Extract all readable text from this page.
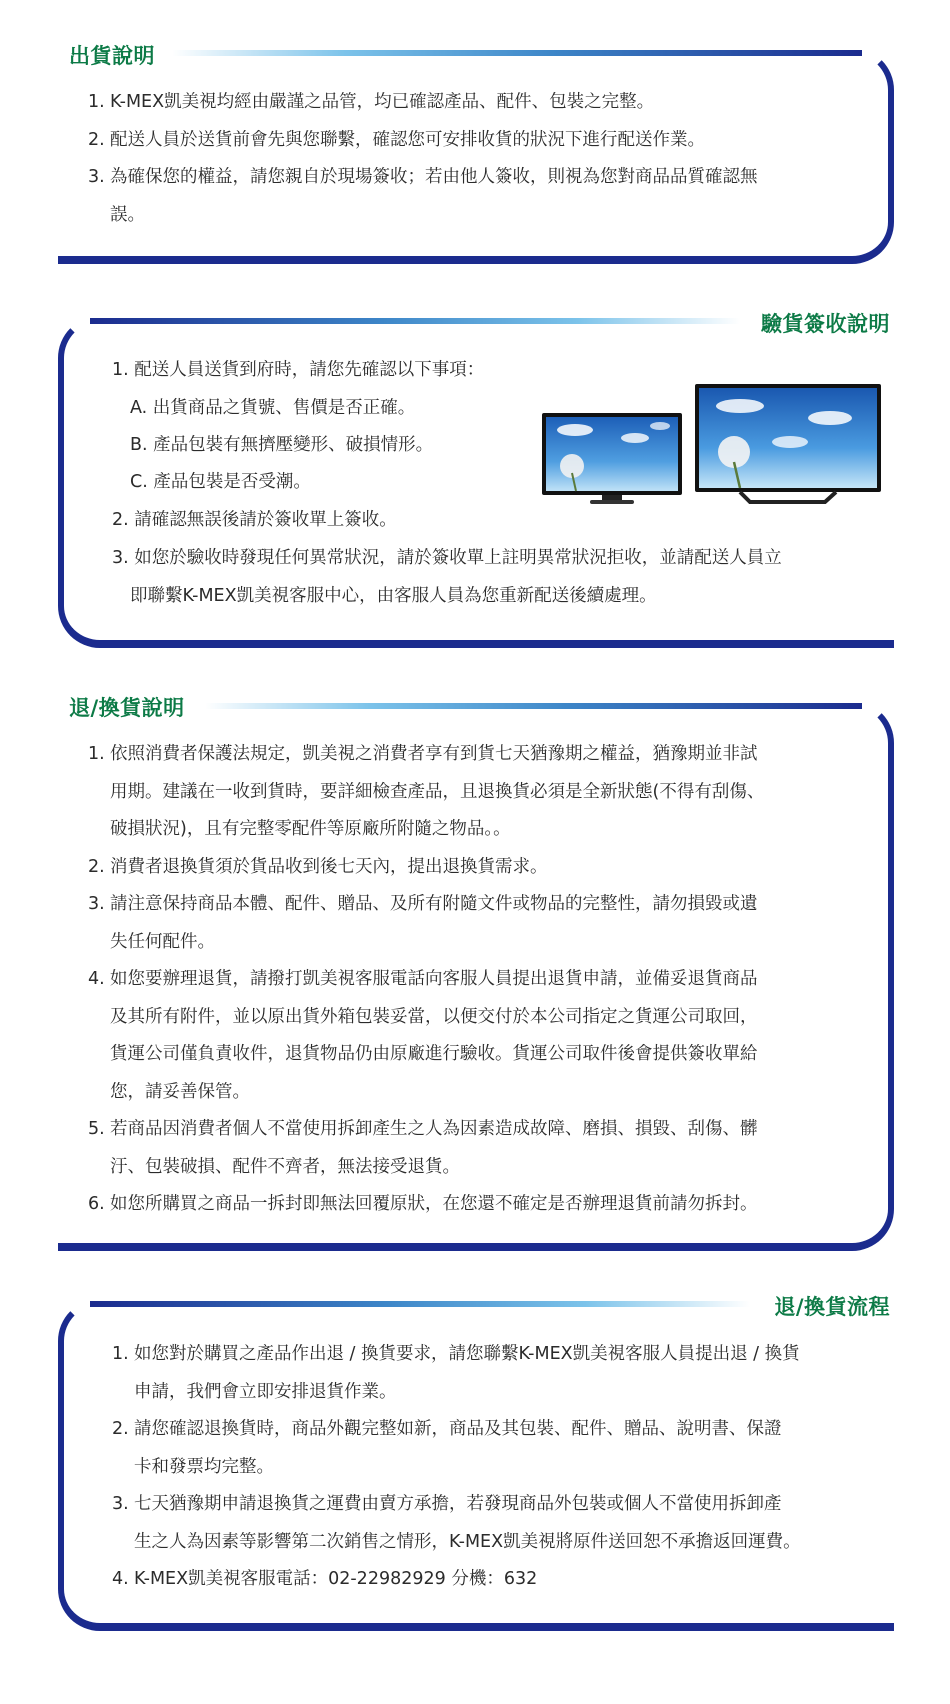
出貨說明
1. K-MEX凱美視均經由嚴謹之品管，均已確認產品、配件、包裝之完整。
2. 配送人員於送貨前會先與您聯繫，確認您可安排收貨的狀況下進行配送作業。
3. 為確保您的權益，請您親自於現場簽收；若由他人簽收，則視為您對商品品質確認無
誤。
驗貨簽收說明
1. 配送人員送貨到府時，請您先確認以下事項：
A. 出貨商品之貨號、售價是否正確。
B. 產品包裝有無擠壓變形、破損情形。
C. 產品包裝是否受潮。
2. 請確認無誤後請於簽收單上簽收。
3. 如您於驗收時發現任何異常狀況，請於簽收單上註明異常狀況拒收，並請配送人員立
即聯繫K-MEX凱美視客服中心，由客服人員為您重新配送後續處理。
退/換貨說明
1. 依照消費者保護法規定，凱美視之消費者享有到貨七天猶豫期之權益，猶豫期並非試
用期。建議在一收到貨時，要詳細檢查產品，且退換貨必須是全新狀態(不得有刮傷、
破損狀況)，且有完整零配件等原廠所附隨之物品。。
2. 消費者退換貨須於貨品收到後七天內，提出退換貨需求。
3. 請注意保持商品本體、配件、贈品、及所有附隨文件或物品的完整性，請勿損毀或遺
失任何配件。
4. 如您要辦理退貨，請撥打凱美視客服電話向客服人員提出退貨申請，並備妥退貨商品
及其所有附件，並以原出貨外箱包裝妥當，以便交付於本公司指定之貨運公司取回，
貨運公司僅負責收件，退貨物品仍由原廠進行驗收。貨運公司取件後會提供簽收單給
您，請妥善保管。
5. 若商品因消費者個人不當使用拆卸產生之人為因素造成故障、磨損、損毀、刮傷、髒
汙、包裝破損、配件不齊者，無法接受退貨。
6. 如您所購買之商品一拆封即無法回覆原狀，在您還不確定是否辦理退貨前請勿拆封。
退/換貨流程
1. 如您對於購買之產品作出退 / 換貨要求，請您聯繫K-MEX凱美視客服人員提出退 / 換貨
申請，我們會立即安排退貨作業。
2. 請您確認退換貨時，商品外觀完整如新，商品及其包裝、配件、贈品、說明書、保證
卡和發票均完整。
3. 七天猶豫期申請退換貨之運費由賣方承擔，若發現商品外包裝或個人不當使用拆卸產
生之人為因素等影響第二次銷售之情形，K-MEX凱美視將原件送回恕不承擔返回運費。
4. K-MEX凱美視客服電話：02-22982929 分機：632
